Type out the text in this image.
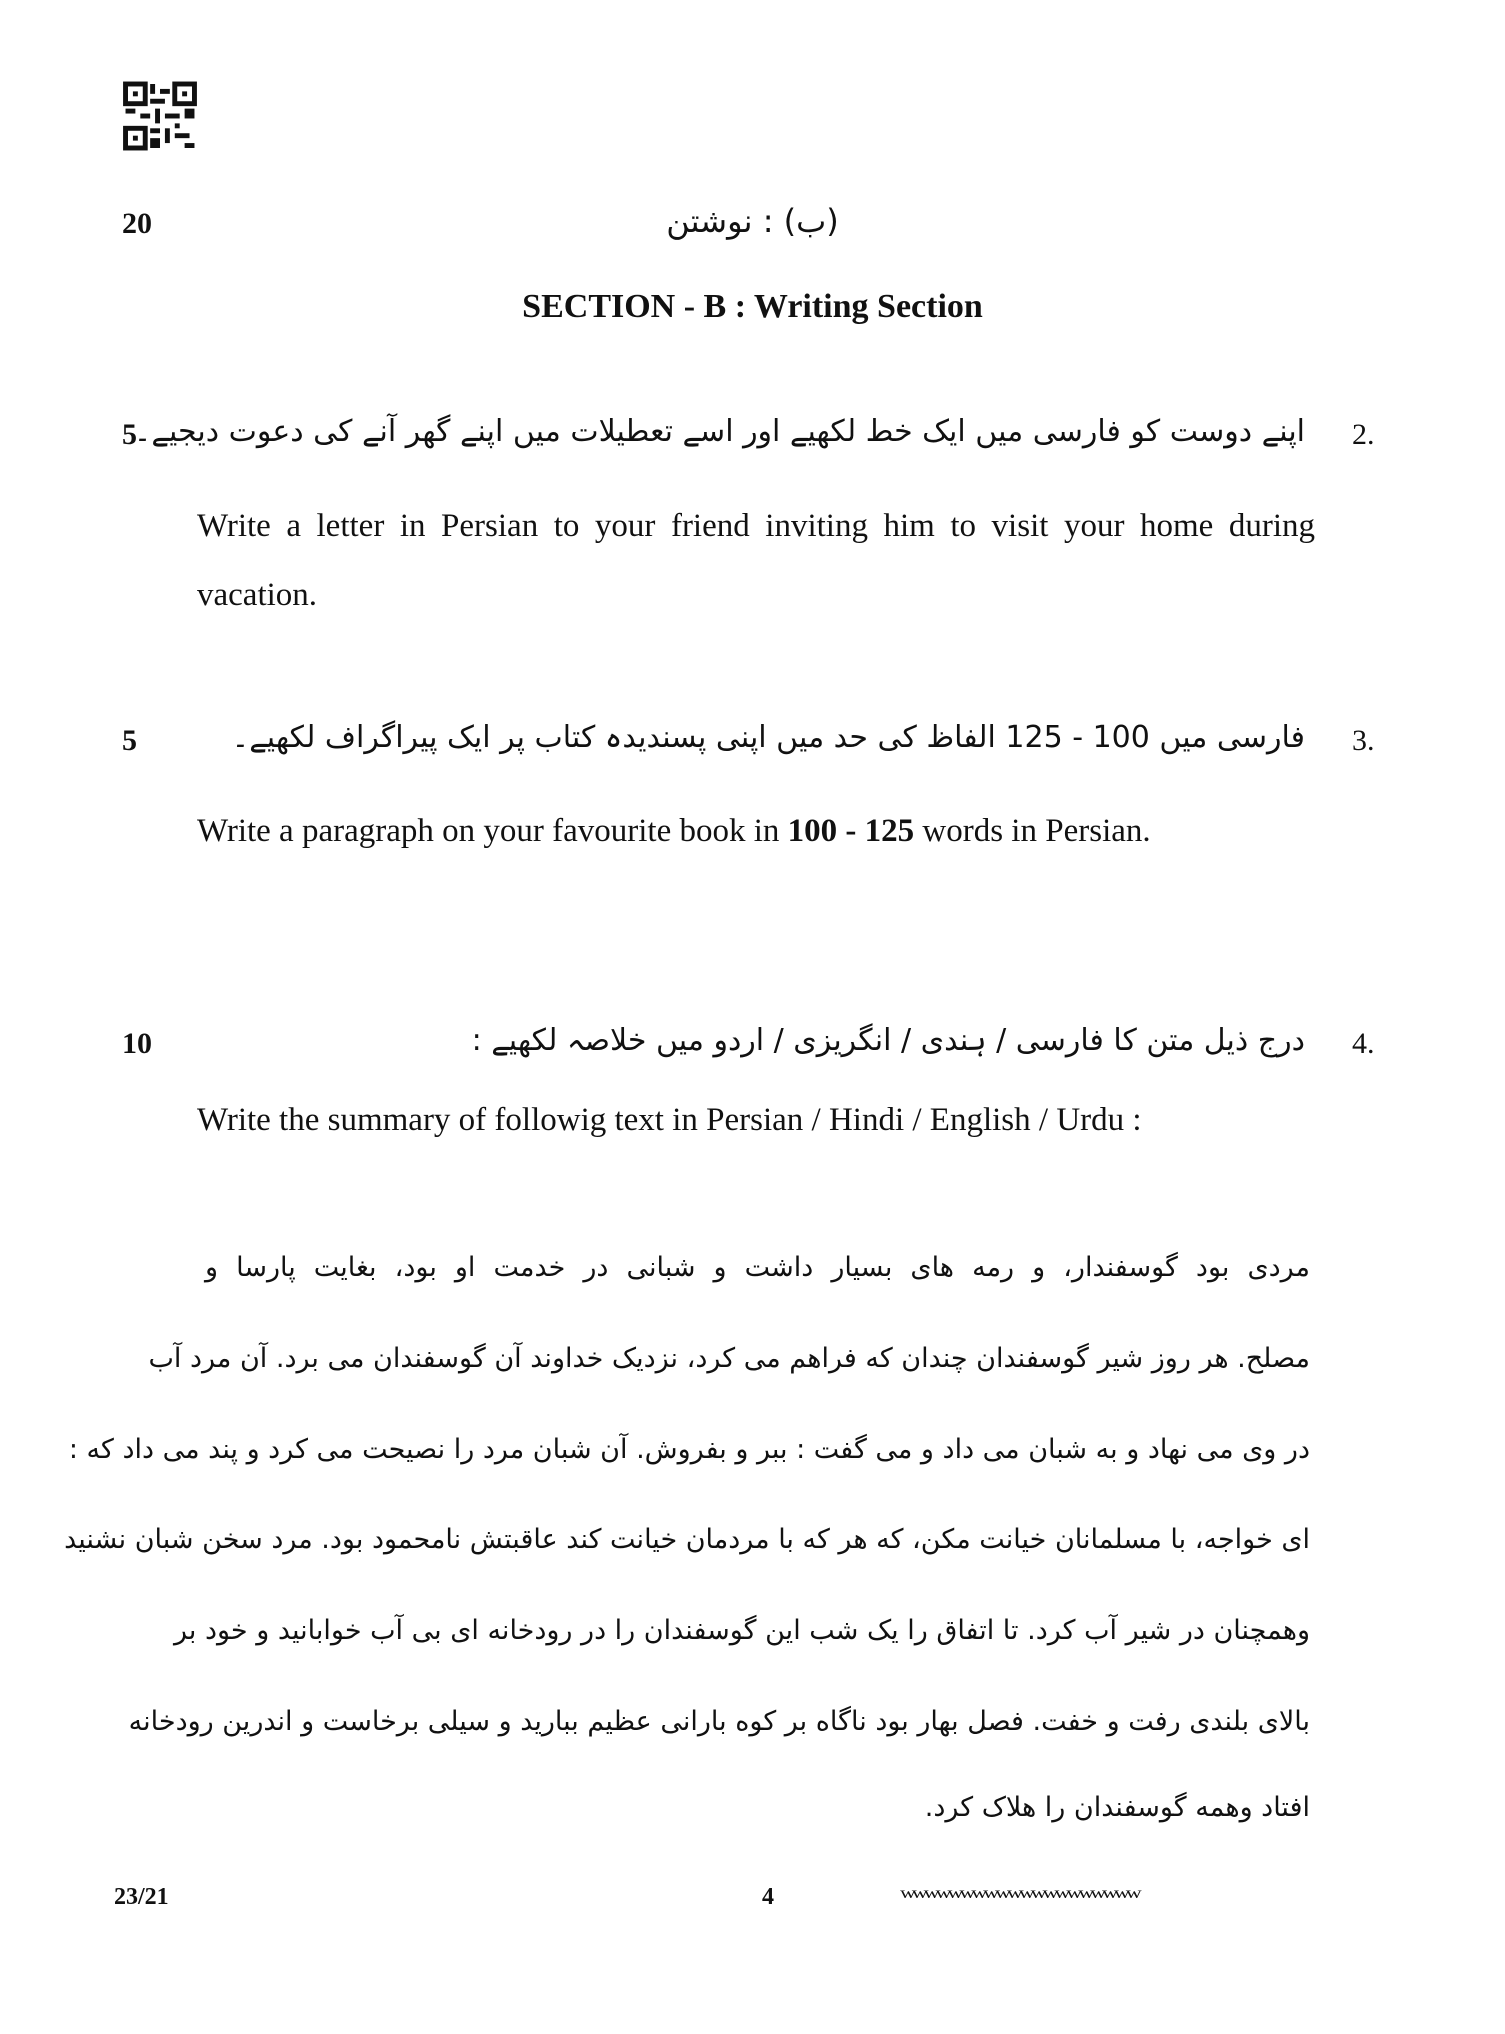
20	(ب) : نوشتن
SECTION - B : Writing Section
5	2.
اپنے دوست کو فارسی میں ایک خط لکھیے اور اسے تعطیلات میں اپنے گھر آنے کی دعوت دیجیے۔
Write a letter in Persian to your friend inviting him to visit your home during vacation.
5	3.
فارسی میں 100 - 125 الفاظ کی حد میں اپنی پسندیدہ کتاب پر ایک پیراگراف لکھیے۔
Write a paragraph on your favourite book in 100 - 125 words in Persian.
10	4.
درج ذیل متن کا فارسی / ہندی / انگریزی / اردو میں خلاصہ لکھیے :
Write the summary of followig text in Persian / Hindi / English / Urdu :
مردی بود گوسفندار، و رمه های بسیار داشت و شبانی در خدمت او بود، بغایت پارسا و
مصلح. هر روز شیر گوسفندان چندان که فراهم می کرد، نزدیک خداوند آن گوسفندان می برد. آن مرد آب
در وی می نهاد و به شبان می داد و می گفت : ببر و بفروش. آن شبان مرد را نصیحت می کرد و پند می داد که :
ای خواجه، با مسلمانان خیانت مکن، که هر که با مردمان خیانت کند عاقبتش نامحمود بود. مرد سخن شبان نشنید
وهمچنان در شیر آب کرد. تا اتفاق را یک شب این گوسفندان را در رودخانه ای بی آب خوابانید و خود بر
بالای بلندی رفت و خفت. فصل بهار بود ناگاه بر کوه بارانی عظیم ببارید و سیلی برخاست و اندرین رودخانه
افتاد وهمه گوسفندان را هلاک کرد.
23/21	4	wwwwwwwwwwwwwwwwwwww
